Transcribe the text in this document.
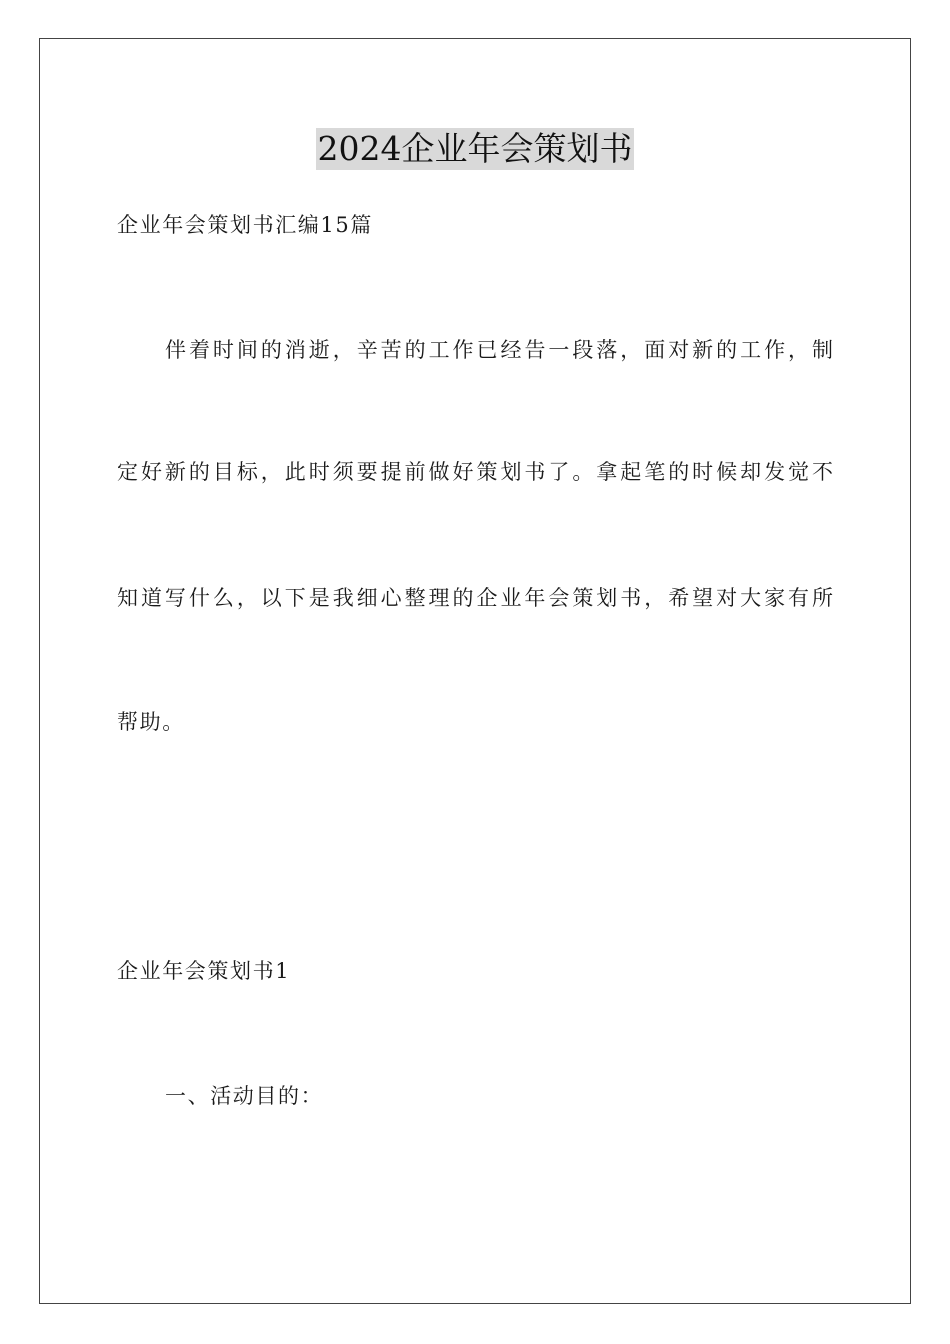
2024企业年会策划书
企业年会策划书汇编15篇
伴着时间的消逝，辛苦的工作已经告一段落，面对新的工作，制
定好新的目标，此时须要提前做好策划书了。拿起笔的时候却发觉不
知道写什么，以下是我细心整理的企业年会策划书，希望对大家有所
帮助。
企业年会策划书1
一、活动目的：
